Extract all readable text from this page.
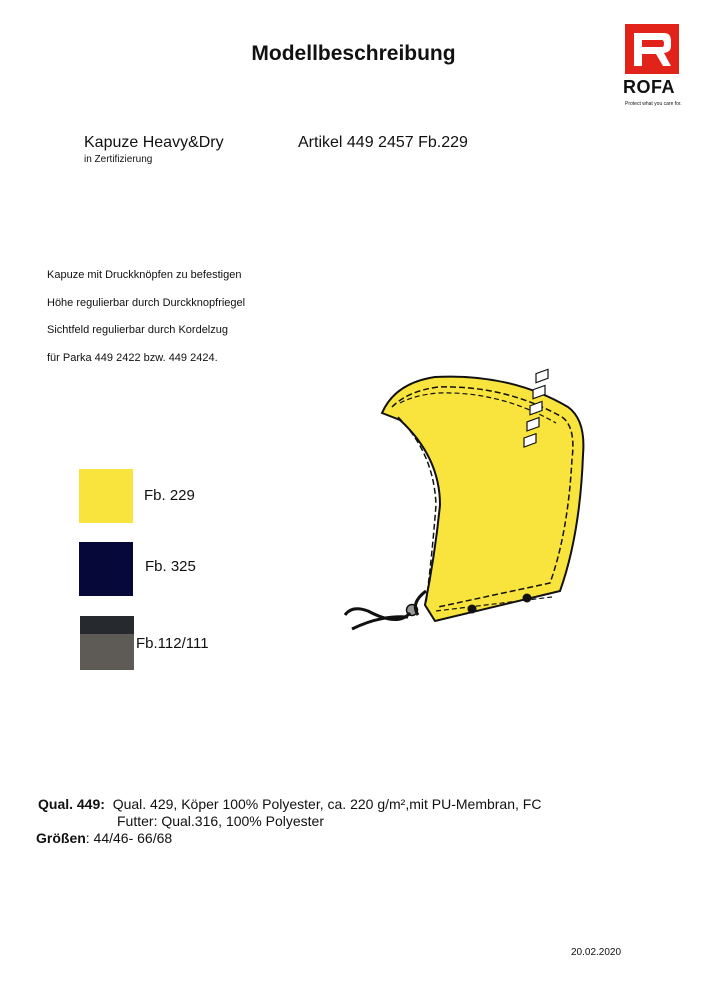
Modellbeschreibung
ROFA
Protect what you care for.
Kapuze Heavy&Dry
in Zertifizierung
Artikel 449 2457 Fb.229
Kapuze mit Druckknöpfen zu befestigen
Höhe regulierbar durch Durckknopfriegel
Sichtfeld regulierbar durch Kordelzug
für Parka 449 2422 bzw. 449 2424.
Fb. 229
Fb. 325
Fb.112/111
Qual. 449: Qual. 429, Köper 100% Polyester, ca. 220 g/m²,mit PU-Membran, FC
Futter: Qual.316, 100% Polyester
Größen: 44/46- 66/68
20.02.2020
